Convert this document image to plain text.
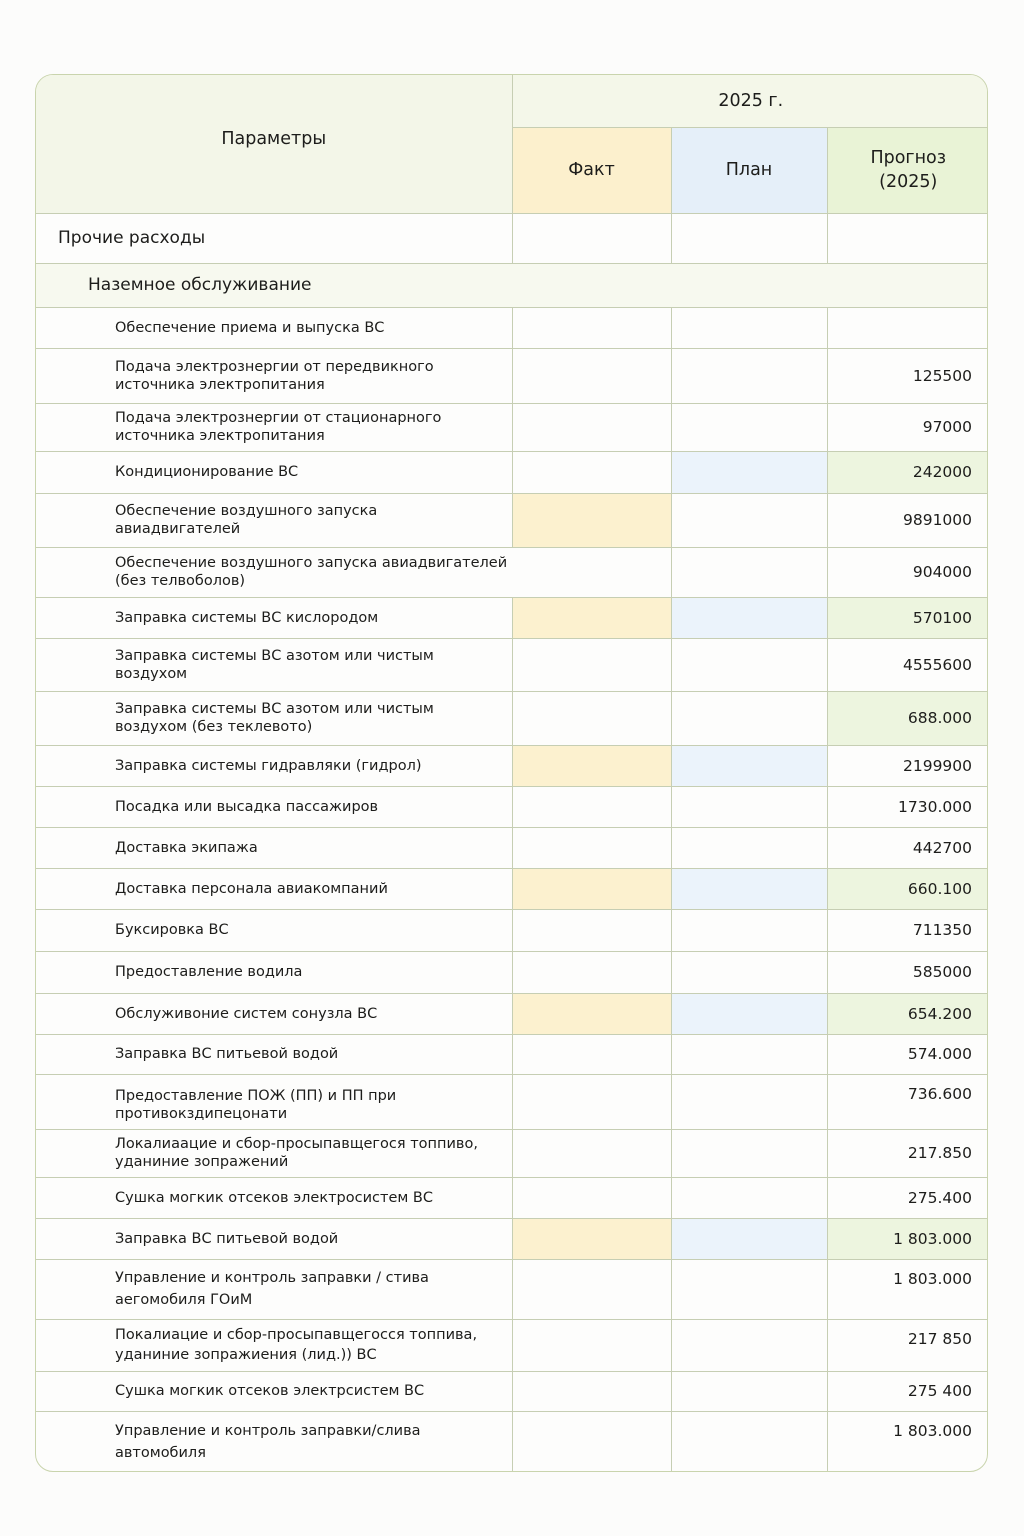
Параметры	2025 г.		
	Факт	План	Прогноз
(2025)

Прочие расходы			
Наземное обслуживание			
Обеспечение приема и выпуска ВС			
Подача электрознергии от передвикного источника электропитания			125500
Подача электрознергии от стационарного источника электропитания			97000
Кондиционирование ВС			242000
Обеспечение воздушного запуска авиадвигателей			9891000
Обеспечение воздушного запуска авиадвигателей (без телвоболов)			904000
Заправка системы ВС кислородом			570100
Заправка системы ВС азотом или чистым воздухом			4555600
Заправка системы ВС азотом или чистым воздухом (без теклевото)			688.000
Заправка системы гидравляки (гидрол)			2199900
Посадка или высадка пассажиров			1730.000
Доставка экипажа			442700
Доставка персонала авиакомпаний			660.100
Буксировка ВС			711350
Предоставление водила			585000
Обслуживоние систем сонузла ВС			654.200
Заправка ВС питьевой водой			574.000
Предоставление ПОЖ (ПП) и ПП при противокздипецонати			736.600
Локалиаацие и сбор-просыпавщегося топпиво, уданиние зопражений			217.850
Сушка могкик отсеков электросистем ВС			275.400
Заправка ВС питьевой водой			1 803.000
Управление и контроль заправки / стива аегомобиля ГОиМ			1 803.000
Покалиацие и сбор-просыпавщегосся топпива, уданиние зопражиения (лид.)) ВС			217 850
Сушка могкик отсеков электрсистем ВС			275 400
Управление и контроль заправки/слива автомобиля			1 803.000
